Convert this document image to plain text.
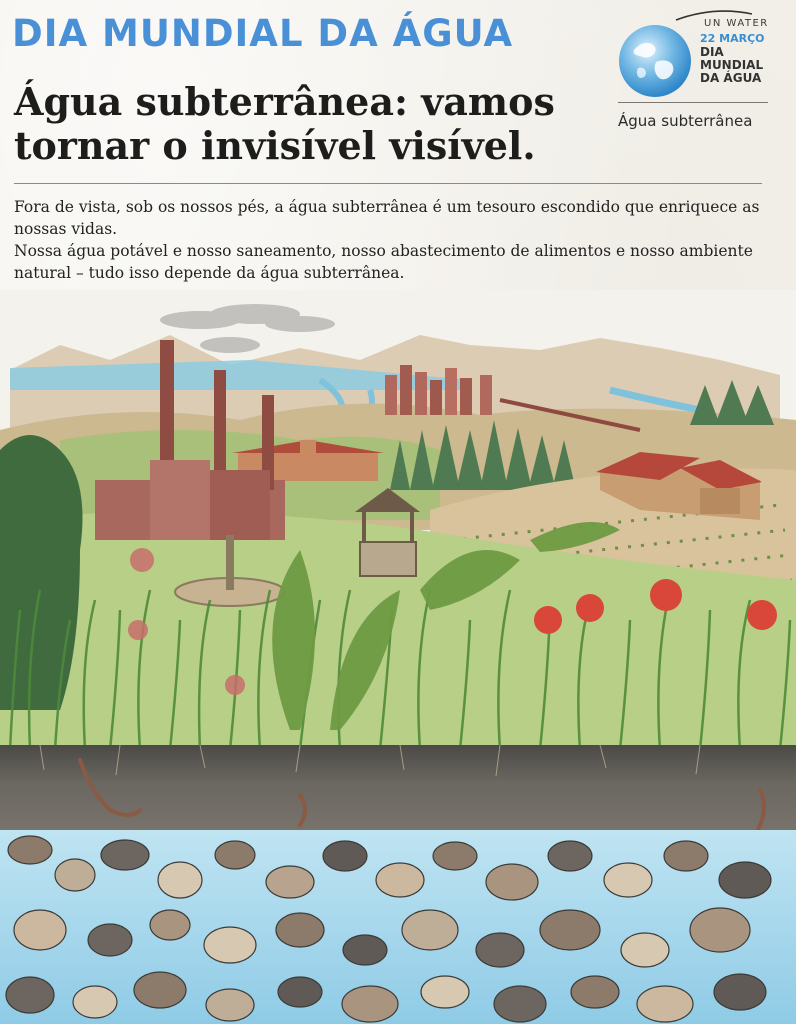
DIA MUNDIAL DA ÁGUA
Água subterrânea: vamos tornar o invisível visível.
UN WATER
22 MARÇO
DIA MUNDIAL DA ÁGUA
Água subterrânea

Fora de vista, sob os nossos pés, a água subterrânea é um tesouro escondido que enriquece as nossas vidas.

Nossa água potável e nosso saneamento, nosso abastecimento de alimentos e nosso ambiente natural – tudo isso depende da água subterrânea.
